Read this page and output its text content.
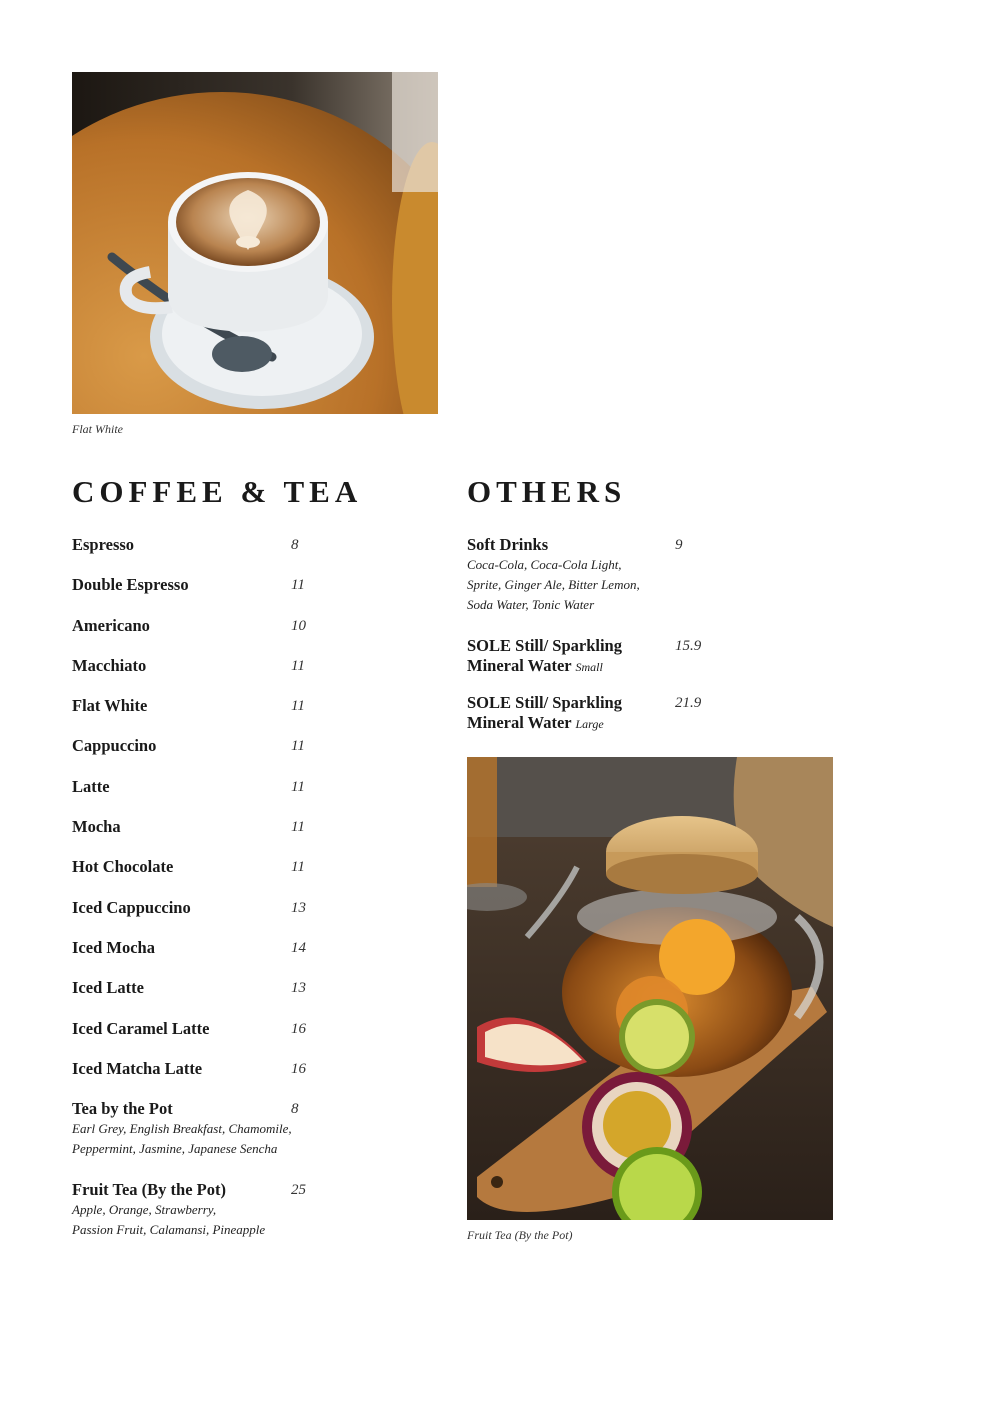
Flat White
COFFEE & TEA	OTHERS
Espresso	8
Double Espresso	11
Americano	10
Macchiato	11
Flat White	11
Cappuccino	11
Latte	11
Mocha	11
Hot Chocolate	11
Iced Cappuccino	13
Iced Mocha	14
Iced Latte	13
Iced Caramel Latte	16
Iced Matcha Latte	16
Tea by the Pot	8
Earl Grey, English Breakfast, Chamomile,
Peppermint, Jasmine, Japanese Sencha
Fruit Tea (By the Pot)	25
Apple, Orange, Strawberry,
Passion Fruit, Calamansi, Pineapple
Soft Drinks	9
Coca-Cola, Coca-Cola Light,
Sprite, Ginger Ale, Bitter Lemon,
Soda Water, Tonic Water
SOLE Still/ Sparkling
Mineral Water Small
15.9
SOLE Still/ Sparkling
Mineral Water Large
21.9
Fruit Tea (By the Pot)
